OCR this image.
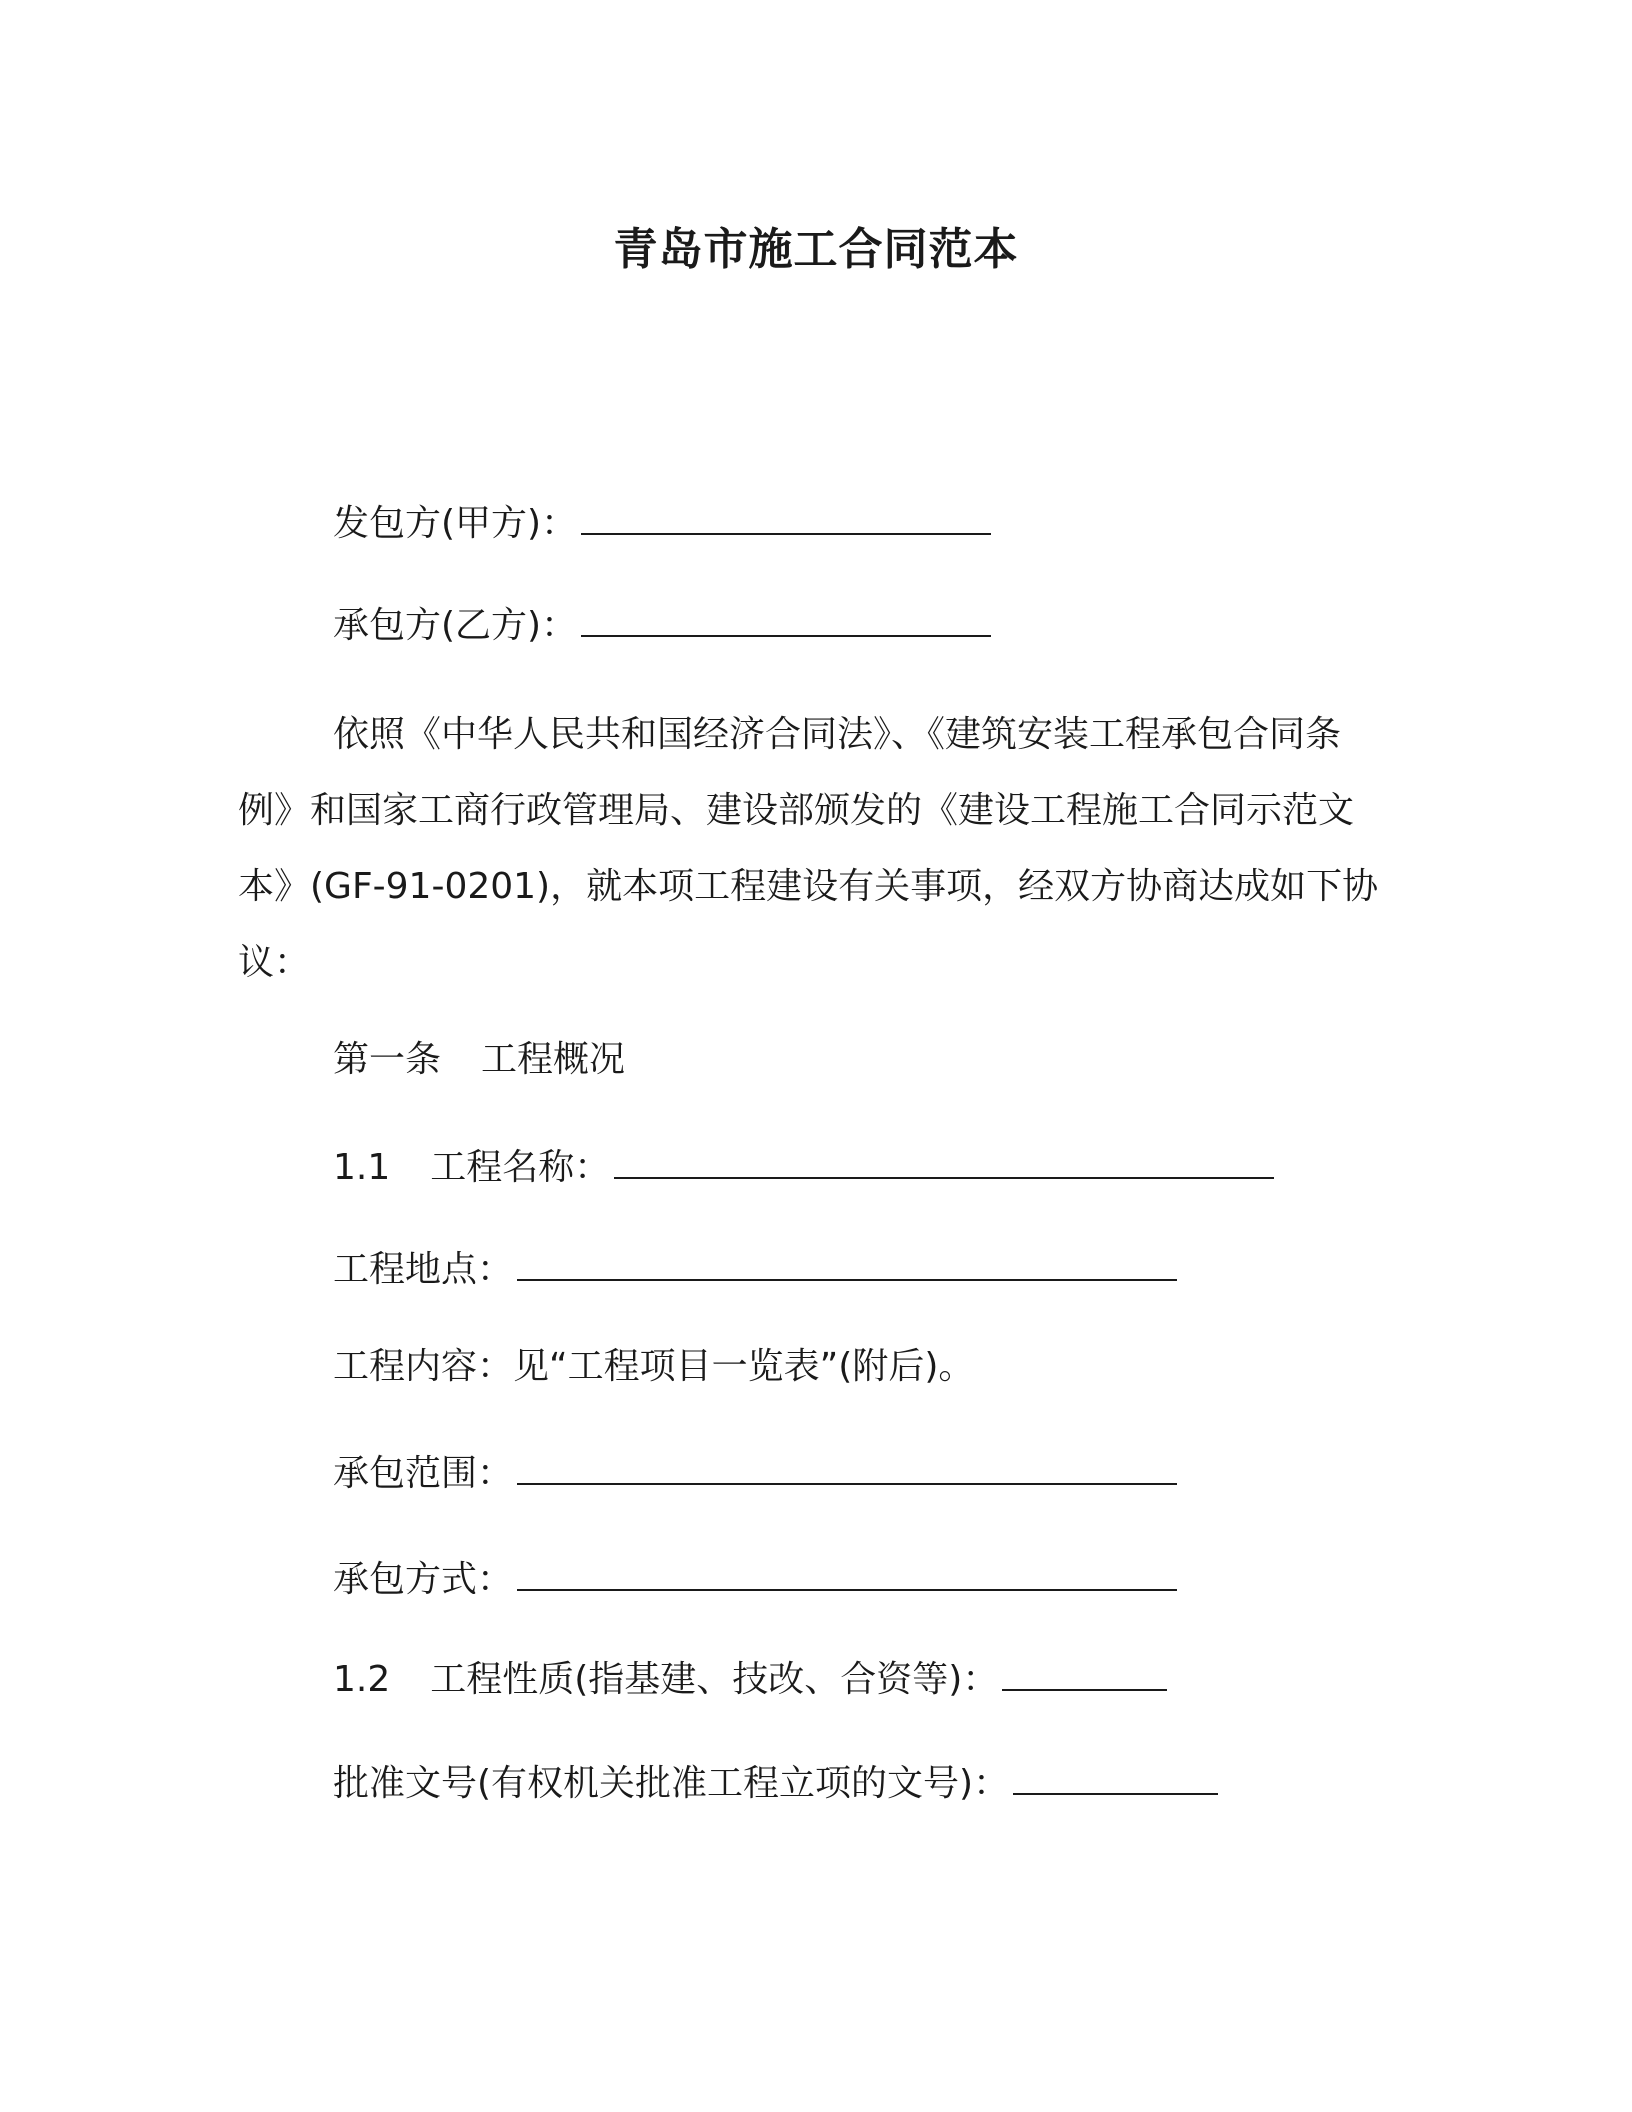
青岛市施工合同范本
发包方(甲方)：
承包方(乙方)：
依照《中华人民共和国经济合同法》、《建筑安装工程承包合同条例》和国家工商行政管理局、建设部颁发的《建设工程施工合同示范文本》(GF-91-0201)，就本项工程建设有关事项，经双方协商达成如下协议：
第一条 工程概况
1.1 工程名称：
工程地点：
工程内容：见“工程项目一览表”(附后)。
承包范围：
承包方式：
1.2 工程性质(指基建、技改、合资等)：
批准文号(有权机关批准工程立项的文号)：
